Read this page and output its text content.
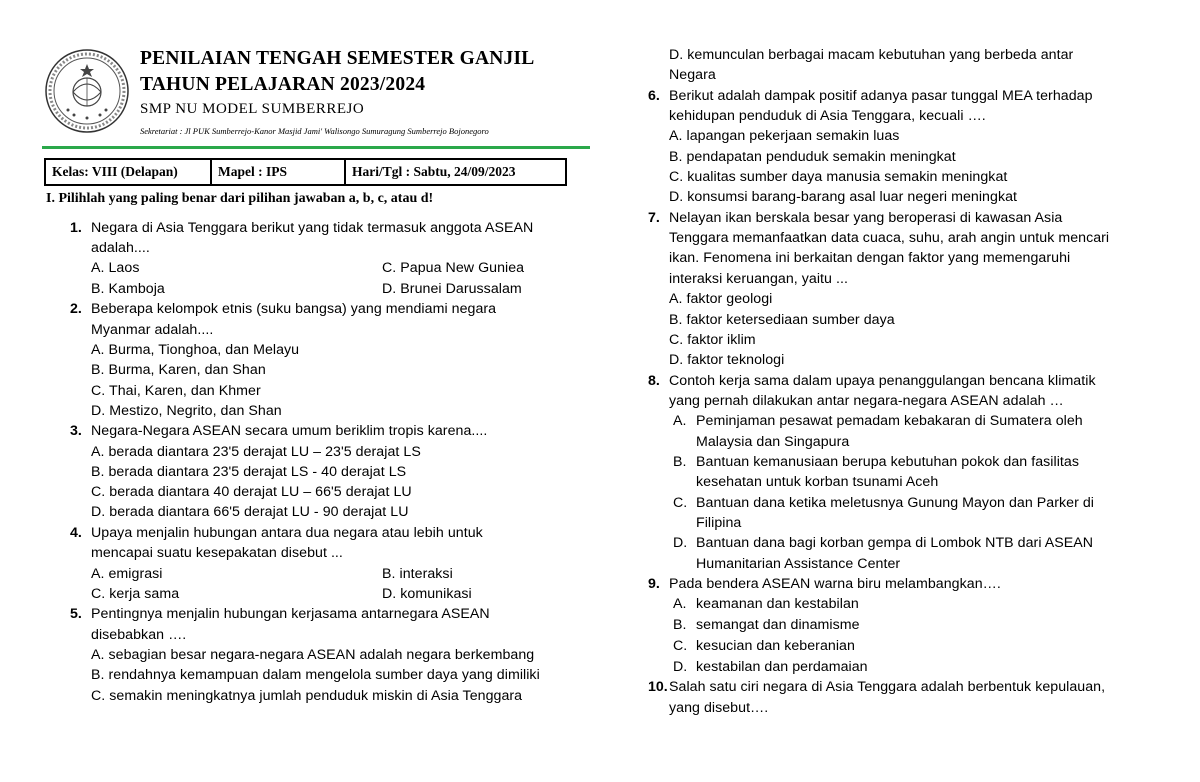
PENILAIAN TENGAH SEMESTER GANJIL
TAHUN PELAJARAN 2023/2024
SMP NU MODEL SUMBERREJO
Sekretariat : Jl PUK Sumberrejo-Kanor Masjid Jami' Walisongo Sumuragung Sumberrejo Bojonegoro
Kelas: VIII (Delapan)	Mapel : IPS	Hari/Tgl : Sabtu, 24/09/2023
I. Pilihlah yang paling benar dari pilihan jawaban a, b, c, atau d!
1. Negara di Asia Tenggara berikut yang tidak termasuk anggota ASEAN
adalah....
A. Laos	C. Papua New Guniea
B. Kamboja	D. Brunei Darussalam
2. Beberapa kelompok etnis (suku bangsa) yang mendiami negara
Myanmar adalah....
A. Burma, Tionghoa, dan Melayu
B. Burma, Karen, dan Shan
C. Thai, Karen, dan Khmer
D. Mestizo, Negrito, dan Shan
3. Negara-Negara ASEAN secara umum beriklim tropis karena....
A. berada diantara 23'5 derajat LU – 23'5 derajat LS
B. berada diantara 23'5 derajat LS - 40 derajat LS
C. berada diantara 40 derajat LU – 66'5 derajat LU
D. berada diantara 66'5 derajat LU - 90 derajat LU
4. Upaya menjalin hubungan antara dua negara atau lebih untuk
mencapai suatu kesepakatan disebut ...
A. emigrasi	B. interaksi
C. kerja sama	D. komunikasi
5. Pentingnya menjalin hubungan kerjasama antarnegara ASEAN
disebabkan ….
A. sebagian besar negara-negara ASEAN adalah negara berkembang
B. rendahnya kemampuan dalam mengelola sumber daya yang dimiliki
C. semakin meningkatnya jumlah penduduk miskin di Asia Tenggara
D. kemunculan berbagai macam kebutuhan yang berbeda antar
Negara
6. Berikut adalah dampak positif adanya pasar tunggal MEA terhadap
kehidupan penduduk di Asia Tenggara, kecuali ….
A. lapangan pekerjaan semakin luas
B. pendapatan penduduk semakin meningkat
C. kualitas sumber daya manusia semakin meningkat
D. konsumsi barang-barang asal luar negeri meningkat
7. Nelayan ikan berskala besar yang beroperasi di kawasan Asia
Tenggara memanfaatkan data cuaca, suhu, arah angin untuk mencari
ikan. Fenomena ini berkaitan dengan faktor yang memengaruhi
interaksi keruangan, yaitu ...
A. faktor geologi
B. faktor ketersediaan sumber daya
C. faktor iklim
D. faktor teknologi
8. Contoh kerja sama dalam upaya penanggulangan bencana klimatik
yang pernah dilakukan antar negara-negara ASEAN adalah …
A. Peminjaman pesawat pemadam kebakaran di Sumatera oleh
Malaysia dan Singapura
B. Bantuan kemanusiaan berupa kebutuhan pokok dan fasilitas
kesehatan untuk korban tsunami Aceh
C. Bantuan dana ketika meletusnya Gunung Mayon dan Parker di
Filipina
D. Bantuan dana bagi korban gempa di Lombok NTB dari ASEAN
Humanitarian Assistance Center
9. Pada bendera ASEAN warna biru melambangkan….
A. keamanan dan kestabilan
B. semangat dan dinamisme
C. kesucian dan keberanian
D. kestabilan dan perdamaian
10. Salah satu ciri negara di Asia Tenggara adalah berbentuk kepulauan,
yang disebut….
